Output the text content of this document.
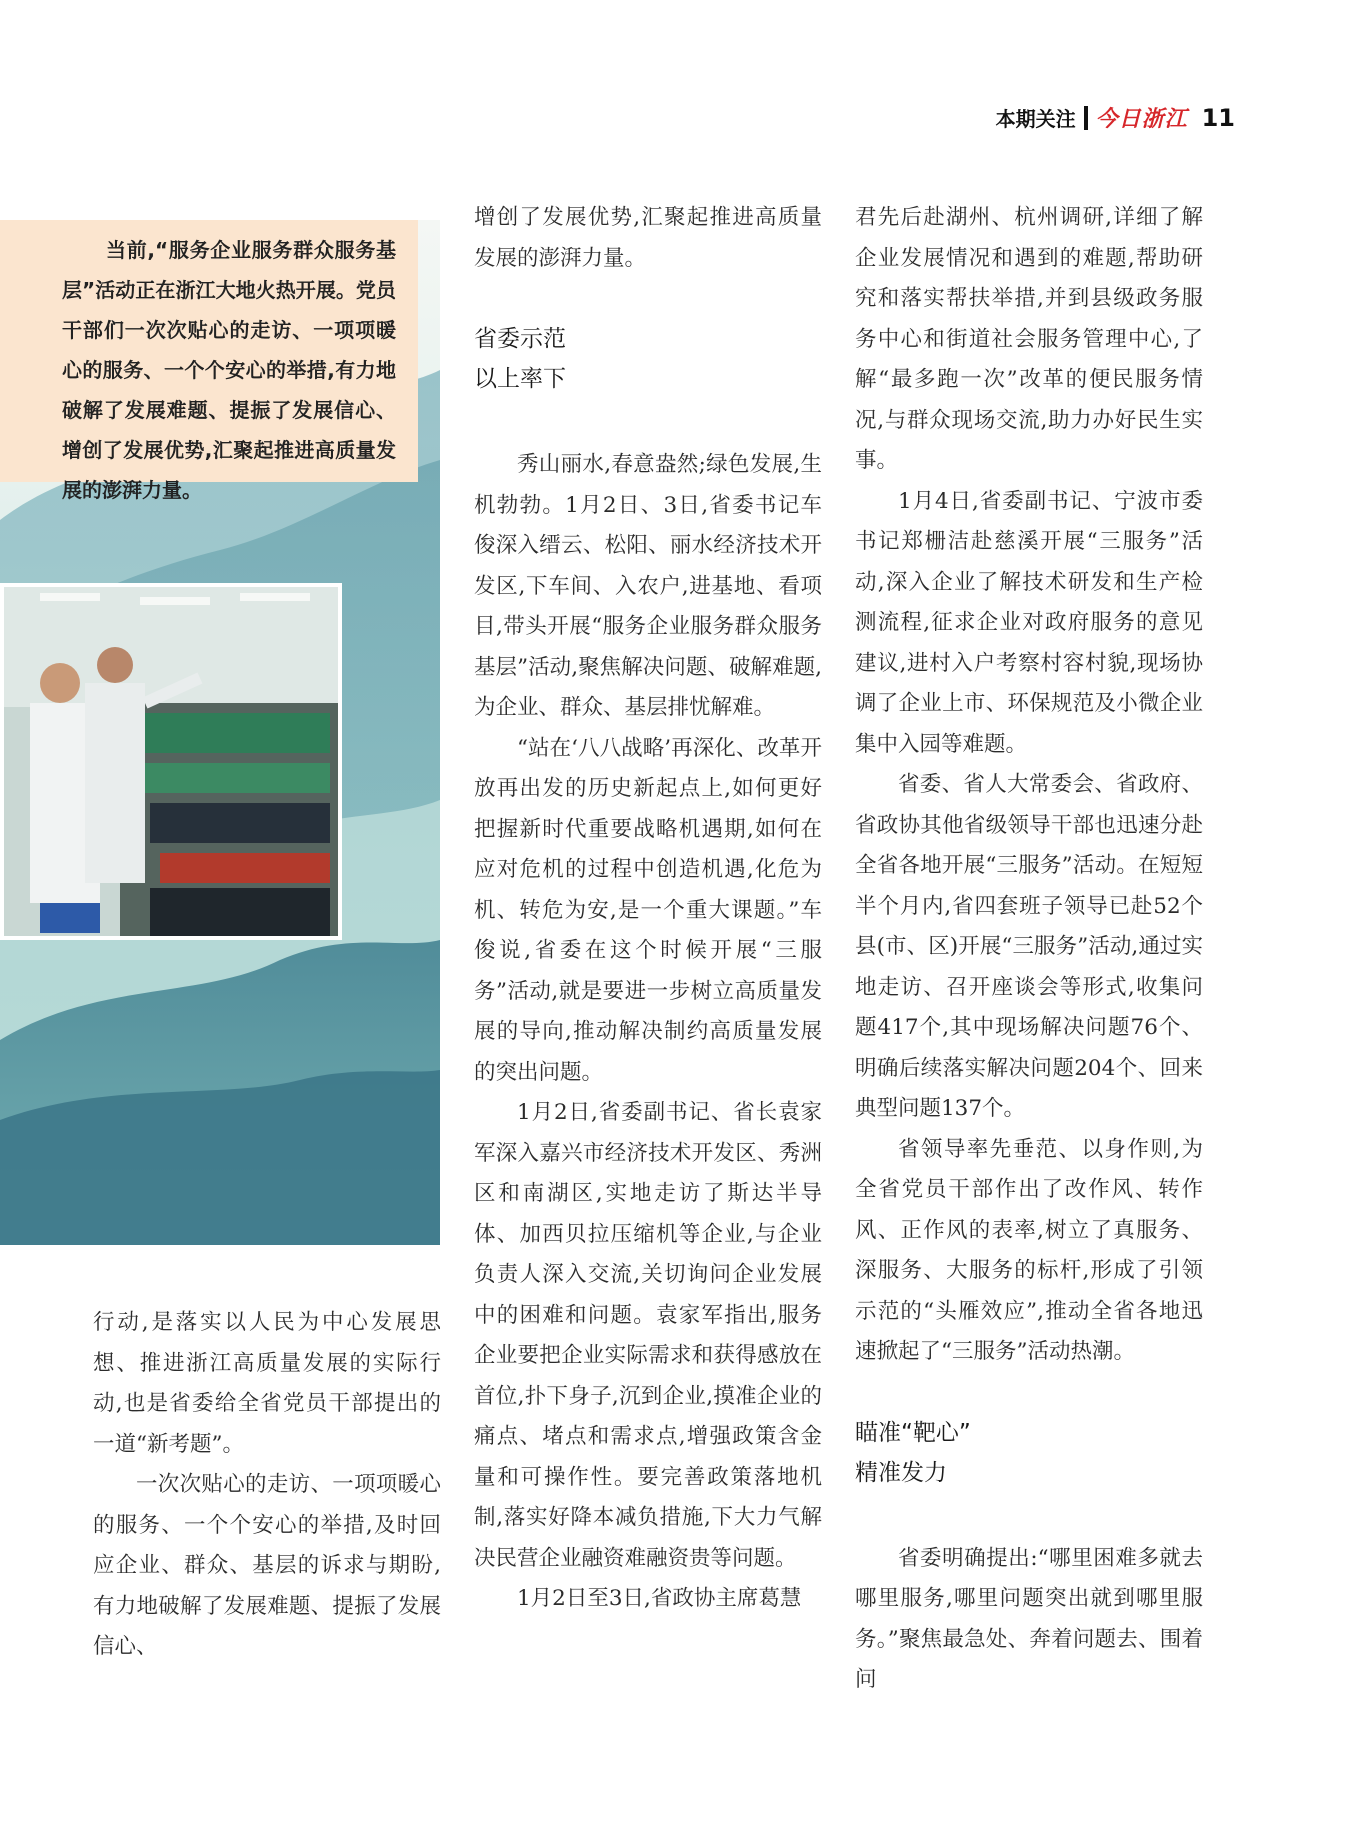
本期关注 今日浙江 11

当前,“服务企业服务群众服务基层”活动正在浙江大地火热开展。党员干部们一次次贴心的走访、一项项暖心的服务、一个个安心的举措,有力地破解了发展难题、提振了发展信心、增创了发展优势,汇聚起推进高质量发展的澎湃力量。

行动,是落实以人民为中心发展思想、推进浙江高质量发展的实际行动,也是省委给全省党员干部提出的一道“新考题”。

一次次贴心的走访、一项项暖心的服务、一个个安心的举措,及时回应企业、群众、基层的诉求与期盼,有力地破解了发展难题、提振了发展信心、

增创了发展优势,汇聚起推进高质量发展的澎湃力量。

省委示范
以上率下

秀山丽水,春意盎然;绿色发展,生机勃勃。1月2日、3日,省委书记车俊深入缙云、松阳、丽水经济技术开发区,下车间、入农户,进基地、看项目,带头开展“服务企业服务群众服务基层”活动,聚焦解决问题、破解难题,为企业、群众、基层排忧解难。

“站在‘八八战略’再深化、改革开放再出发的历史新起点上,如何更好把握新时代重要战略机遇期,如何在应对危机的过程中创造机遇,化危为机、转危为安,是一个重大课题。”车俊说,省委在这个时候开展“三服务”活动,就是要进一步树立高质量发展的导向,推动解决制约高质量发展的突出问题。

1月2日,省委副书记、省长袁家军深入嘉兴市经济技术开发区、秀洲区和南湖区,实地走访了斯达半导体、加西贝拉压缩机等企业,与企业负责人深入交流,关切询问企业发展中的困难和问题。袁家军指出,服务企业要把企业实际需求和获得感放在首位,扑下身子,沉到企业,摸准企业的痛点、堵点和需求点,增强政策含金量和可操作性。要完善政策落地机制,落实好降本减负措施,下大力气解决民营企业融资难融资贵等问题。

1月2日至3日,省政协主席葛慧

君先后赴湖州、杭州调研,详细了解企业发展情况和遇到的难题,帮助研究和落实帮扶举措,并到县级政务服务中心和街道社会服务管理中心,了解“最多跑一次”改革的便民服务情况,与群众现场交流,助力办好民生实事。

1月4日,省委副书记、宁波市委书记郑栅洁赴慈溪开展“三服务”活动,深入企业了解技术研发和生产检测流程,征求企业对政府服务的意见建议,进村入户考察村容村貌,现场协调了企业上市、环保规范及小微企业集中入园等难题。

省委、省人大常委会、省政府、省政协其他省级领导干部也迅速分赴全省各地开展“三服务”活动。在短短半个月内,省四套班子领导已赴52个县(市、区)开展“三服务”活动,通过实地走访、召开座谈会等形式,收集问题417个,其中现场解决问题76个、明确后续落实解决问题204个、回来典型问题137个。

省领导率先垂范、以身作则,为全省党员干部作出了改作风、转作风、正作风的表率,树立了真服务、深服务、大服务的标杆,形成了引领示范的“头雁效应”,推动全省各地迅速掀起了“三服务”活动热潮。

瞄准“靶心”
精准发力

省委明确提出:“哪里困难多就去哪里服务,哪里问题突出就到哪里服务。”聚焦最急处、奔着问题去、围着问
